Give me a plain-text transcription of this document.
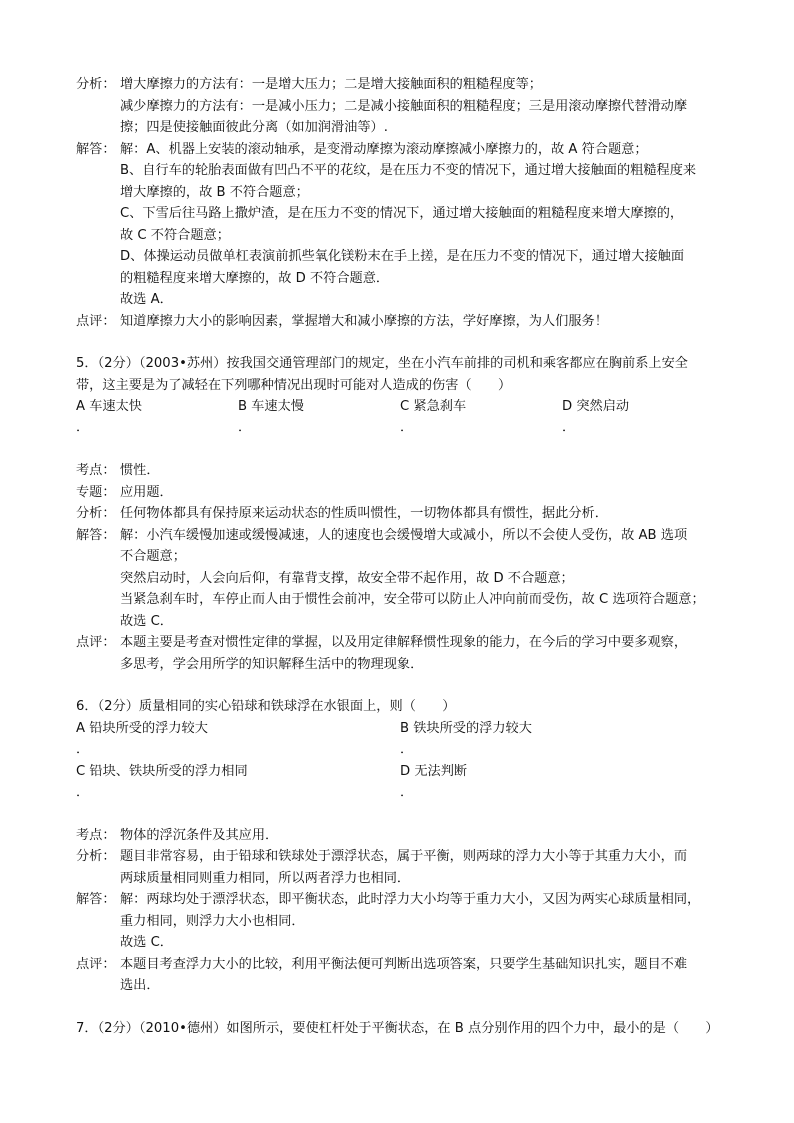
分析： 增大摩擦力的方法有：一是增大压力；二是增大接触面积的粗糙程度等；
减少摩擦力的方法有：一是减小压力；二是减小接触面积的粗糙程度；三是用滚动摩擦代替滑动摩
擦；四是使接触面彼此分离（如加润滑油等）.
解答： 解：A、机器上安装的滚动轴承，是变滑动摩擦为滚动摩擦减小摩擦力的，故 A 符合题意；
B、自行车的轮胎表面做有凹凸不平的花纹，是在压力不变的情况下，通过增大接触面的粗糙程度来
增大摩擦的，故 B 不符合题意；
C、下雪后往马路上撒炉渣，是在压力不变的情况下，通过增大接触面的粗糙程度来增大摩擦的，
故 C 不符合题意；
D、体操运动员做单杠表演前抓些氧化镁粉末在手上搓，是在压力不变的情况下，通过增大接触面
的粗糙程度来增大摩擦的，故 D 不符合题意．
故选 A．
点评： 知道摩擦力大小的影响因素，掌握增大和减小摩擦的方法，学好摩擦，为人们服务！
5．（2分）（2003•苏州）按我国交通管理部门的规定，坐在小汽车前排的司机和乘客都应在胸前系上安全
带，这主要是为了减轻在下列哪种情况出现时可能对人造成的伤害（　　）
A 车速太快
．
B 车速太慢
．
C 紧急刹车
．
D 突然启动
．
考点： 惯性．
专题： 应用题．
分析： 任何物体都具有保持原来运动状态的性质叫惯性，一切物体都具有惯性，据此分析．
解答： 解：小汽车缓慢加速或缓慢减速，人的速度也会缓慢增大或减小，所以不会使人受伤，故 AB 选项
不合题意；
突然启动时，人会向后仰，有靠背支撑，故安全带不起作用，故 D 不合题意；
当紧急刹车时，车停止而人由于惯性会前冲，安全带可以防止人冲向前而受伤，故 C 选项符合题意；
故选 C．
点评： 本题主要是考查对惯性定律的掌握，以及用定律解释惯性现象的能力，在今后的学习中要多观察，
多思考，学会用所学的知识解释生活中的物理现象．
6．（2分）质量相同的实心铅球和铁球浮在水银面上，则（　　）
A 铅块所受的浮力较大
．
B 铁块所受的浮力较大
．
C 铅块、铁块所受的浮力相同
．
D 无法判断
．
考点： 物体的浮沉条件及其应用．
分析： 题目非常容易，由于铅球和铁球处于漂浮状态，属于平衡，则两球的浮力大小等于其重力大小，而
两球质量相同则重力相同，所以两者浮力也相同．
解答： 解：两球均处于漂浮状态，即平衡状态，此时浮力大小均等于重力大小，又因为两实心球质量相同，
重力相同，则浮力大小也相同．
故选 C．
点评： 本题目考查浮力大小的比较，利用平衡法便可判断出选项答案，只要学生基础知识扎实，题目不难
选出．
7．（2分）（2010•德州）如图所示，要使杠杆处于平衡状态，在 B 点分别作用的四个力中，最小的是（　　）
